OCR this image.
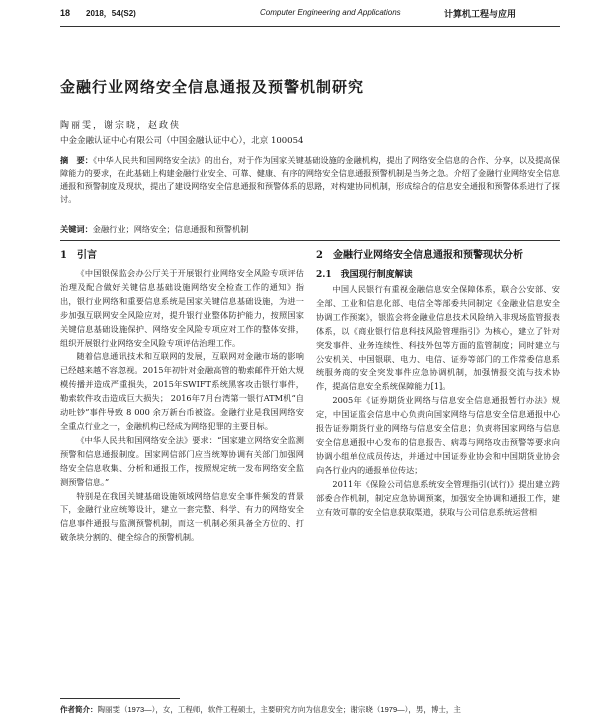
18 2018，54(S2)	Computer Engineering and Applications	计算机工程与应用
金融行业网络安全信息通报及预警机制研究
陶丽雯，谢宗晓，赵政侠
中金金融认证中心有限公司（中国金融认证中心），北京 100054
摘　要：《中华人民共和国网络安全法》的出台，对于作为国家关键基础设施的金融机构，提出了网络安全信息的合作、分享，以及提高保障能力的要求，在此基础上构建金融行业安全、可靠、健康、有序的网络安全信息通报预警机制是当务之急。介绍了金融行业网络安全信息通报和预警制度及现状，提出了建设网络安全信息通报和预警体系的思路，对构建协同机制，形成综合的信息安全通报和预警体系进行了探讨。
关键词：金融行业；网络安全；信息通报和预警机制
1　引言

《中国银保监会办公厅关于开展银行业网络安全风险专项评估治理及配合做好关键信息基础设施网络安全检查工作的通知》指出，银行业网络和重要信息系统是国家关键信息基础设施，为进一步加强互联网安全风险应对，提升银行业整体防护能力，按照国家关键信息基础设施保护、网络安全风险专项应对工作的整体安排，组织开展银行业网络安全风险专项评估治理工作。

随着信息通讯技术和互联网的发展，互联网对金融市场的影响已经越来越不容忽视。2015年初针对金融高管的勒索邮件开始大规模传播并造成严重损失，2015年SWIFT系统黑客攻击银行事件，勒索软件攻击造成巨大损失； 2016年7月台湾第一银行ATM机“自动吐钞”事件导致 8 000 余万新台币被盗。金融行业是我国网络安全重点行业之一，金融机构已经成为网络犯罪的主要目标。

《中华人民共和国网络安全法》要求：“国家建立网络安全监测预警和信息通报制度。国家网信部门应当统筹协调有关部门加强网络安全信息收集、分析和通报工作，按照规定统一发布网络安全监测预警信息。”

特别是在我国关键基础设施领域网络信息安全事件频发的背景下，金融行业应统筹设计，建立一套完整、科学、有力的网络安全信息事件通报与监测预警机制，而这一机制必须具备全方位的、打破条块分割的、健全综合的预警机制。

2　金融行业网络安全信息通报和预警现状分析
2.1　我国现行制度解读

中国人民银行有重视金融信息安全保障体系，联合公安部、安全部、工业和信息化部、电信全等部委共同制定《金融业信息安全协调工作预案》，银监会将金融业信息技术风险纳入非现场监管报表体系，以《商业银行信息科技风险管理指引》为核心，建立了针对突发事件、业务连续性、科技外包等方面的监管制度；同时建立与公安机关、中国银联、电力、电信、证券等部门的工作常委信息系统服务商的安全突发事件应急协调机制，加强情报交流与技术协作，提高信息安全系统保障能力[1]。

2005年《证券期货业网络与信息安全信息通报暂行办法》规定，中国证监会信息中心负责向国家网络与信息安全信息通报中心报告证券期货行业的网络与信息安全信息；负责将国家网络与信息安全信息通报中心发布的信息报告、病毒与网络攻击预警等要求向协调小组单位成员传达，并通过中国证券业协会和中国期货业协会向各行业内的通报单位传达；

2011年《保险公司信息系统安全管理指引(试行)》提出建立跨部委合作机制，制定应急协调预案，加强安全协调和通报工作，建立有效可靠的安全信息获取渠道，获取与公司信息系统运营相

作者简介：陶丽雯（1973—），女，工程师，软件工程硕士，主要研究方向为信息安全；谢宗晓（1979—），男，博士，主
